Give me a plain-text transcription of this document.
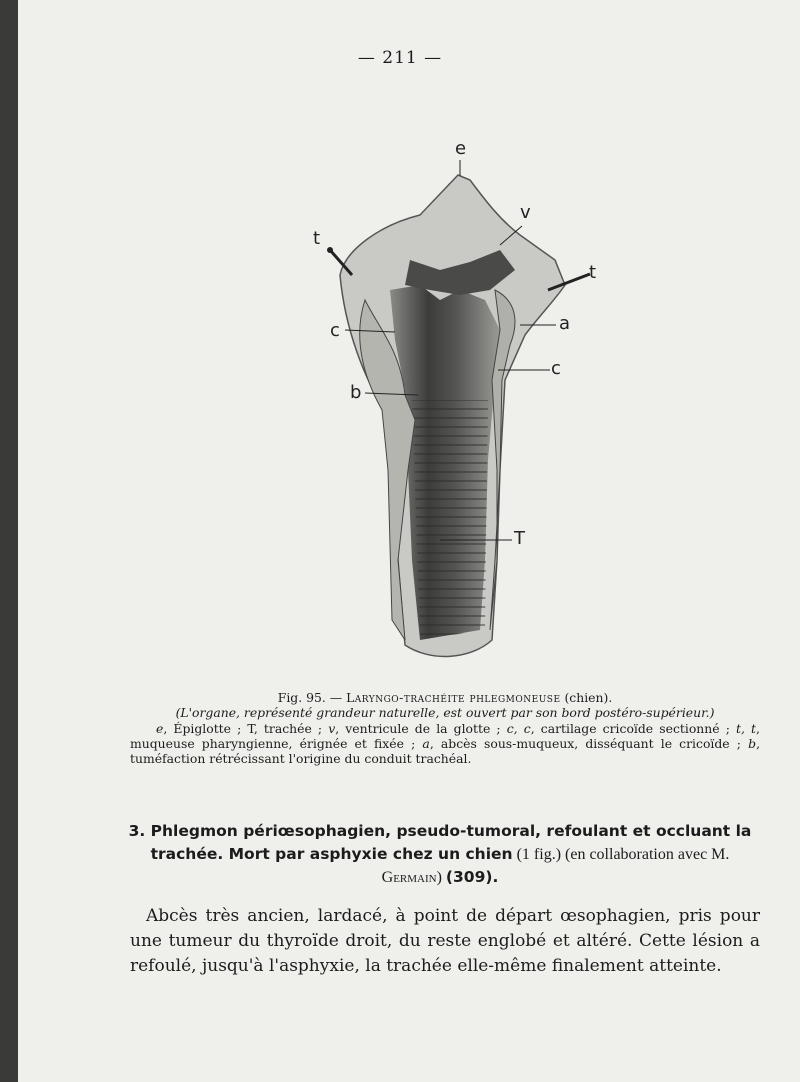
— 211 —
e
v
t
t
c	a
c
b
T
Fig. 95. — Laryngo-trachéite phlegmoneuse (chien).
(L'organe, représenté grandeur naturelle, est ouvert par son bord postéro-supérieur.)
e, Épiglotte ; T, trachée ; v, ventricule de la glotte ; c, c, cartilage cricoïde sectionné ; t, t, muqueuse pharyngienne, érignée et fixée ; a, abcès sous-muqueux, disséquant le cricoïde ; b, tuméfaction rétrécissant l'origine du conduit trachéal.
3. Phlegmon périœsophagien, pseudo-tumoral, refoulant et occluant la trachée. Mort par asphyxie chez un chien (1 fig.) (en collaboration avec M. Germain) (309).
Abcès très ancien, lardacé, à point de départ œsophagien, pris pour une tumeur du thyroïde droit, du reste englobé et altéré. Cette lésion a refoulé, jusqu'à l'asphyxie, la trachée elle-même finalement atteinte.
